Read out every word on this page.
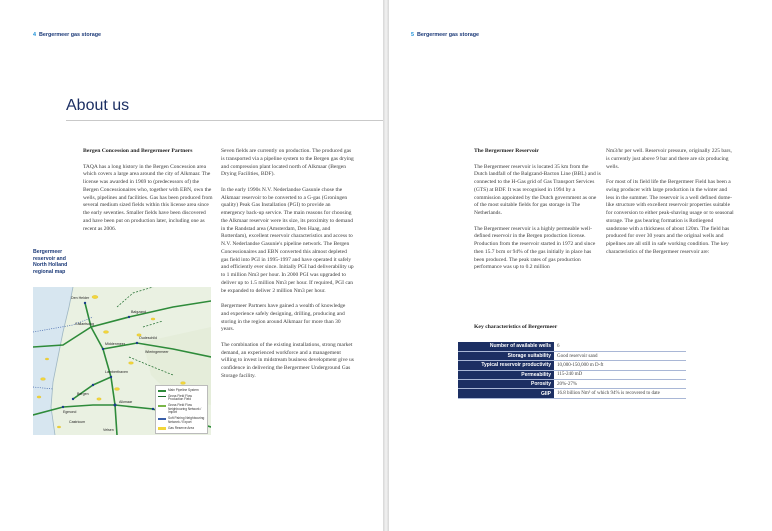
4 Bergermeer gas storage
About us
Bergen Concession and Bergermeer Partners

TAQA has a long history in the Bergen Concession area which covers a large area around the city of Alkmaar. The license was awarded in 1969 to (predecessors of) the Bergen Concessionaires who, together with EBN, own the wells, pipelines and facilities. Gas has been produced from several medium sized fields within this license area since the early seventies. Smaller fields have been discovered and have been put on production later, including one as recent as 2006.

Seven fields are currently on production. The produced gas is transported via a pipeline system to the Bergen gas drying and compression plant located north of Alkmaar (Bergen Drying Facilities, BDF).

In the early 1990s N.V. Nederlandse Gasunie chose the Alkmaar reservoir to be converted to a G-gas (Groningen quality) Peak Gas Installation (PGI) to provide an emergency back-up service. The main reasons for choosing the Alkmaar reservoir were its size, its proximity to demand in the Randstad area (Amsterdam, Den Haag, and Rotterdam), excellent reservoir characteristics and access to N.V. Nederlandse Gasunie's pipeline network. The Bergen Concessionaires and EBN converted this almost depleted gas field into PGI in 1995-1997 and have operated it safely and efficiently ever since. Initially PGI had deliverability up to 1 million Nm3 per hour. In 2000 PGI was upgraded to deliver up to 1.5 million Nm3 per hour. If required, PGI can be expanded to deliver 2 million Nm3 per hour.

Bergermeer Partners have gained a wealth of knowledge and experience safely designing, drilling, producing and storing in the region around Alkmaar for more than 30 years.

The combination of the existing installations, strong market demand, an experienced workforce and a management willing to invest in midstream business development give us confidence in delivering the Bergermeer Underground Gas Storage facility.

Bergermeer reservoir and North Holland regional map
Den Helder
Balgzand
Callantsoog
Oudeschild
Middenmeer
Wieringermeer
Lamberthaven
Bergen
Alkmaar
Egmond
Castricum
Velsen
Main Pipeline System
Gross Field Flow Production Field
Gross Field Flow Neighbouring Network / Import
Soft Pairing Neighbouring Network / Export
Gas Reserve Area
5 Bergermeer gas storage
The Bergermeer Reservoir

The Bergermeer reservoir is located 35 km from the Dutch landfall of the Balgzand-Bacton Line (BBL) and is connected to the H-Gas grid of Gas Transport Services (GTS) at BDF. It was recognised in 1994 by a commission appointed by the Dutch government as one of the most suitable fields for gas storage in The Netherlands.

The Bergermeer reservoir is a highly permeable well-defined reservoir in the Bergen production license. Production from the reservoir started in 1972 and since then 15.7 bcm or 94% of the gas initially in place has been produced. The peak rates of gas production performance was up to 0.2 million

Nm3/hr per well. Reservoir pressure, originally 225 bars, is currently just above 9 bar and there are six producing wells.

For most of its field life the Bergermeer Field has been a swing producer with large production in the winter and less in the summer. The reservoir is a well defined dome- like structure with excellent reservoir properties suitable for conversion to either peak-shaving usage or to seasonal storage. The gas bearing formation is Rotliegend sandstone with a thickness of about 120m. The field has produced for over 30 years and the original wells and pipelines are all still in safe working condition. The key characteristics of the Bergermeer reservoir are:

Key characteristics of Bergermeer
Number of available wells	6
Storage suitability	Good reservoir sand
Typical reservoir productivity	10,000-150,000 m D-ft
Permeability	115-240 mD
Porosity	20%-27%
GIIP	16.8 billion Nm³ of which 94% is recovered to date
